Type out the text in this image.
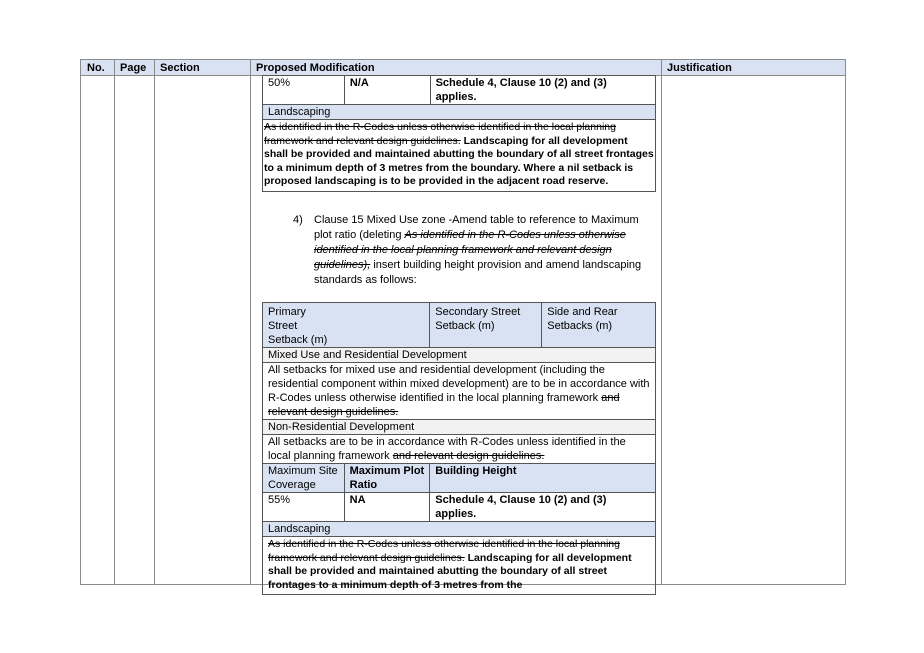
No. Page Section	Proposed Modification	Justification
50%	N/A	Schedule 4, Clause 10 (2) and (3) applies.
Landscaping
As identified in the R-Codes unless otherwise identified in the local planning framework and relevant design guidelines. Landscaping for all development shall be provided and maintained abutting the boundary of all street frontages to a minimum depth of 3 metres from the boundary. Where a nil setback is proposed landscaping is to be provided in the adjacent road reserve.
4) Clause 15 Mixed Use zone -Amend table to reference to Maximum plot ratio (deleting As identified in the R-Codes unless otherwise identified in the local planning framework and relevant design guidelines), insert building height provision and amend landscaping standards as follows:
Primary Street Setback (m)		Secondary Street Setback (m)	Side and Rear Setbacks (m)

Mixed Use and Residential Development			
All setbacks for mixed use and residential development (including the residential component within mixed development) are to be in accordance with R-Codes unless otherwise identified in the local planning framework and relevant design guidelines.			
Non-Residential Development			
All setbacks are to be in accordance with R-Codes unless identified in the local planning framework and relevant design guidelines.			
Maximum Site Coverage	Maximum Plot Ratio	Building Height	
55%	NA	Schedule 4, Clause 10 (2) and (3) applies.	
Landscaping			
As identified in the R-Codes unless otherwise identified in the local planning framework and relevant design guidelines. Landscaping for all development shall be provided and maintained abutting the boundary of all street frontages to a minimum depth of 3 metres from the			
